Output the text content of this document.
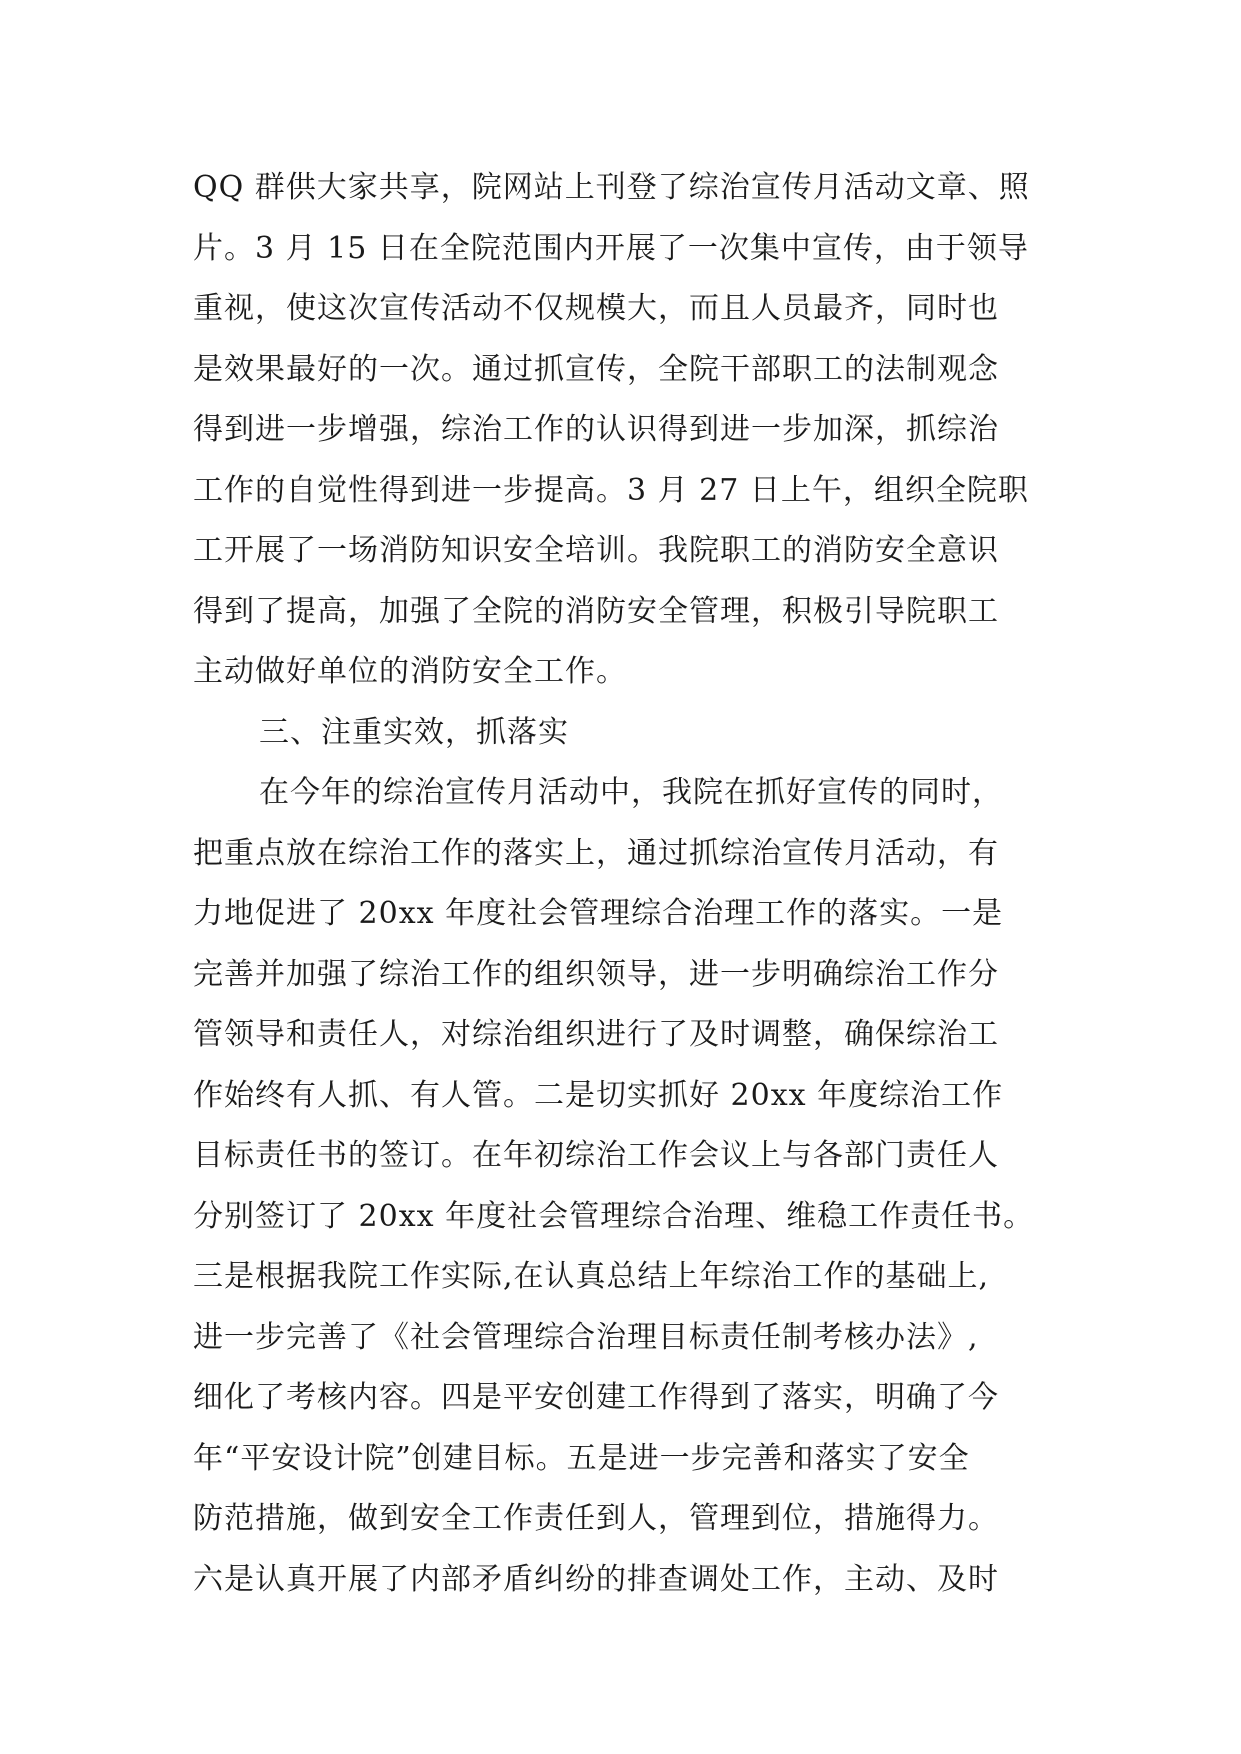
QQ 群供大家共享，院网站上刊登了综治宣传月活动文章、照
片。3 月 15 日在全院范围内开展了一次集中宣传，由于领导
重视，使这次宣传活动不仅规模大，而且人员最齐，同时也
是效果最好的一次。通过抓宣传，全院干部职工的法制观念
得到进一步增强，综治工作的认识得到进一步加深，抓综治
工作的自觉性得到进一步提高。3 月 27 日上午，组织全院职
工开展了一场消防知识安全培训。我院职工的消防安全意识
得到了提高，加强了全院的消防安全管理，积极引导院职工
主动做好单位的消防安全工作。
三、注重实效，抓落实
在今年的综治宣传月活动中，我院在抓好宣传的同时，
把重点放在综治工作的落实上，通过抓综治宣传月活动，有
力地促进了 20xx 年度社会管理综合治理工作的落实。一是
完善并加强了综治工作的组织领导，进一步明确综治工作分
管领导和责任人，对综治组织进行了及时调整，确保综治工
作始终有人抓、有人管。二是切实抓好 20xx 年度综治工作
目标责任书的签订。在年初综治工作会议上与各部门责任人
分别签订了 20xx 年度社会管理综合治理、维稳工作责任书。
三是根据我院工作实际,在认真总结上年综治工作的基础上,
进一步完善了《社会管理综合治理目标责任制考核办法》,
细化了考核内容。四是平安创建工作得到了落实，明确了今
年“平安设计院”创建目标。五是进一步完善和落实了安全
防范措施，做到安全工作责任到人，管理到位，措施得力。
六是认真开展了内部矛盾纠纷的排查调处工作，主动、及时
